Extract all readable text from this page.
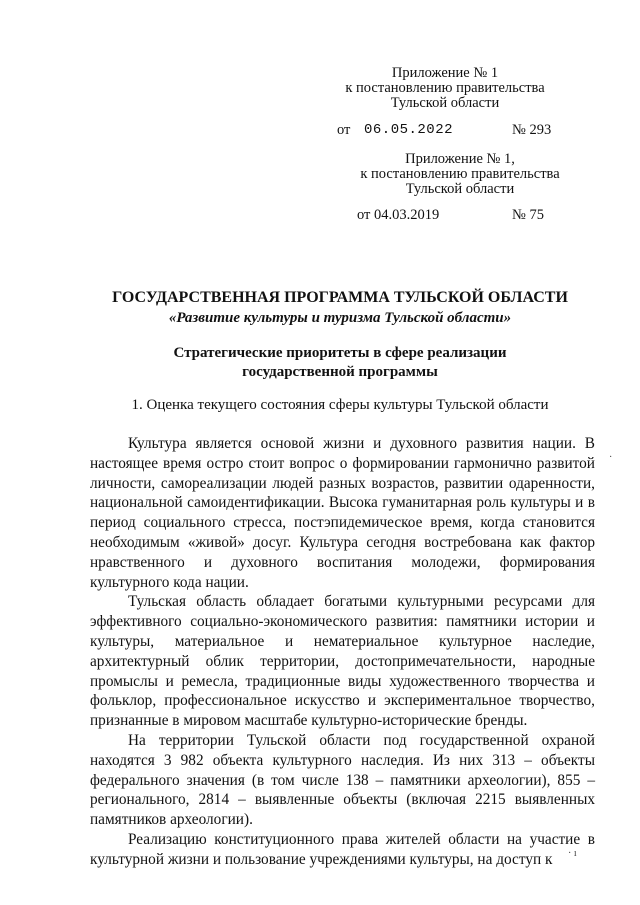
Приложение № 1
к постановлению правительства
Тульской области
от 06.05.2022	№ 293
Приложение № 1,
к постановлению правительства
Тульской области
от 04.03.2019	№ 75
ГОСУДАРСТВЕННАЯ ПРОГРАММА ТУЛЬСКОЙ ОБЛАСТИ
«Развитие культуры и туризма Тульской области»
Стратегические приоритеты в сфере реализации
государственной программы
1. Оценка текущего состояния сферы культуры Тульской области

Культура является основой жизни и духовного развития нации. В настоящее время остро стоит вопрос о формировании гармонично развитой личности, самореализации людей разных возрастов, развитии одаренности, национальной самоидентификации. Высока гуманитарная роль культуры и в период социального стресса, постэпидемическое время, когда становится необходимым «живой» досуг. Культура сегодня востребована как фактор нравственного и духовного воспитания молодежи, формирования культурного кода нации.

Тульская область обладает богатыми культурными ресурсами для эффективного социально-экономического развития: памятники истории и культуры, материальное и нематериальное культурное наследие, архитектурный облик территории, достопримечательности, народные промыслы и ремесла, традиционные виды художественного творчества и фольклор, профессиональное искусство и экспериментальное творчество, признанные в мировом масштабе культурно-исторические бренды.

На территории Тульской области под государственной охраной находятся 3 982 объекта культурного наследия. Из них 313 – объекты федерального значения (в том числе 138 – памятники археологии), 855 – регионального, 2814 – выявленные объекты (включая 2215 выявленных памятников археологии).

Реализацию конституционного права жителей области на участие в культурной жизни и пользование учреждениями культуры, на доступ к

·
· ı
